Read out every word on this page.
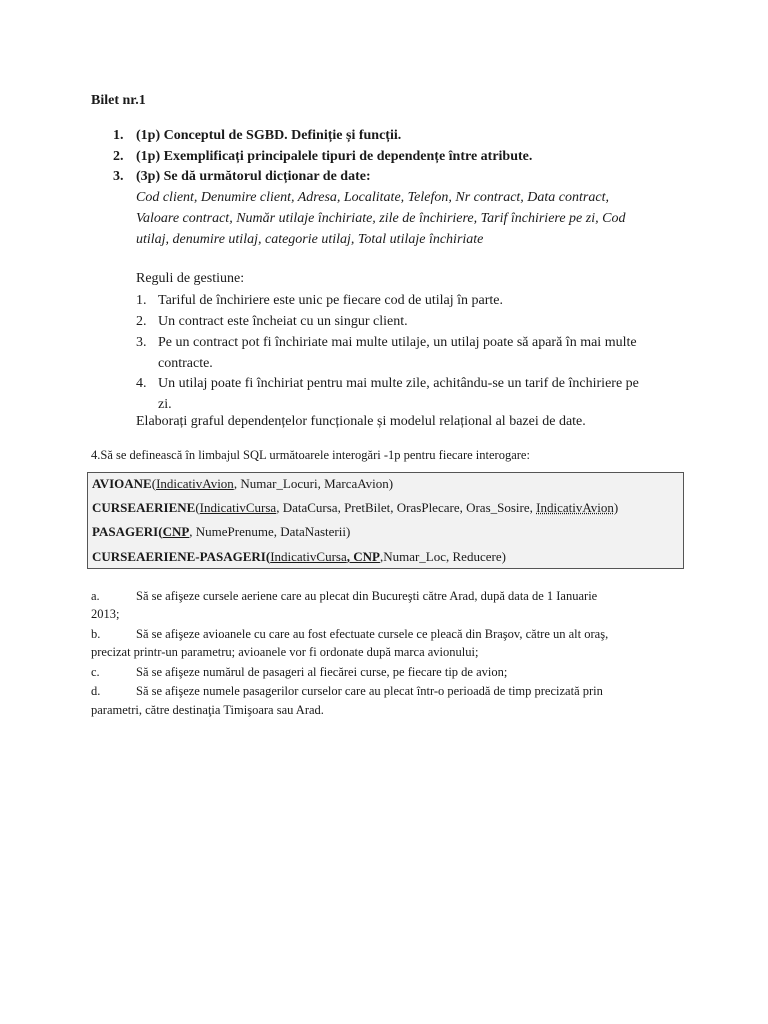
Bilet nr.1
1. (1p) Conceptul de SGBD. Definiție și funcții.
2. (1p) Exemplificați principalele tipuri de dependențe între atribute.
3. (3p) Se dă următorul dicționar de date:
Cod client, Denumire client, Adresa, Localitate, Telefon, Nr contract, Data contract,
Valoare contract, Număr utilaje închiriate, zile de închiriere, Tarif închiriere pe zi, Cod
utilaj, denumire utilaj, categorie utilaj, Total utilaje închiriate
Reguli de gestiune:
1. Tariful de închiriere este unic pe fiecare cod de utilaj în parte.
2. Un contract este încheiat cu un singur client.
3. Pe un contract pot fi închiriate mai multe utilaje, un utilaj poate să apară în mai multe
contracte.
4. Un utilaj poate fi închiriat pentru mai multe zile, achitându-se un tarif de închiriere pe
zi.
Elaborați graful dependențelor funcționale și modelul relațional al bazei de date.
4.Să se definească în limbajul SQL următoarele interogări -1p pentru fiecare interogare:
AVIOANE(IndicativAvion, Numar_Locuri, MarcaAvion)
CURSEAERIENE(IndicativCursa, DataCursa, PretBilet, OrasPlecare, Oras_Sosire, IndicativAvion)
PASAGERI(CNP, NumePrenume, DataNasterii)
CURSEAERIENE-PASAGERI(IndicativCursa, CNP,Numar_Loc, Reducere)
a.	Să se afişeze cursele aeriene care au plecat din Bucureşti către Arad, după data de 1 Ianuarie
2013;
b.	Să se afişeze avioanele cu care au fost efectuate cursele ce pleacă din Braşov, către un alt oraş,
precizat printr-un parametru; avioanele vor fi ordonate după marca avionului;
c.	Să se afişeze numărul de pasageri al fiecărei curse, pe fiecare tip de avion;
d.	Să se afişeze numele pasagerilor curselor care au plecat într-o perioadă de timp precizată prin
parametri, către destinaţia Timişoara sau Arad.
